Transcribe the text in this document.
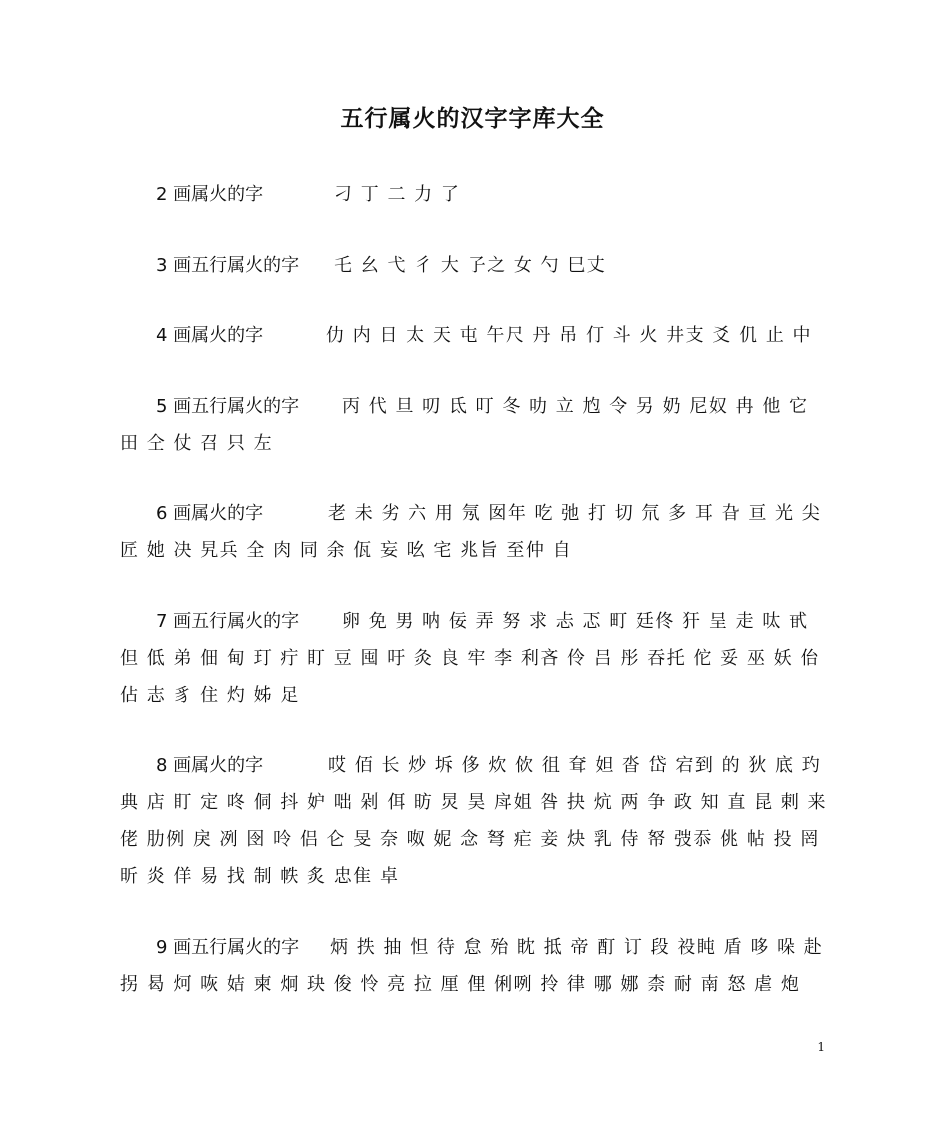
五行属火的汉字字库大全
2 画属火的字	刁 丁 二 力 了
3 画五行属火的字 乇 幺 弋 彳 大 孒之 女 勺 巳丈
4 画属火的字	仂 内 日 太 天 屯 午尺 丹 吊 仃 斗 火 井支 爻 仉 止 中
5 画五行属火的字 丙 代 旦 叨 氐 叮 冬 叻 立 尥 令 另 奶 尼奴 冉 他 它 田 仝 仗 召 只 左
6 画属火的字	老 未 劣 六 用 氖 囡年 吃 弛 打 切 氘 多 耳 旮 亘 光 尖 匠 她 决 旯兵 全 肉 同 余 佤 妄 吆 宅 兆旨 至仲 自
7 画五行属火的字 卵 免 男 呐 佞 弄 努 求 忐 忑 町 廷佟 犴 呈 走 呔 甙 但 低 弟 佃 甸 玎 疔 盯 豆 囤 吁 灸 良 牢 李 利吝 伶 吕 彤 吞托 佗 妥 巫 妖 佁 佔 志 豸 住 灼 姊 足
8 画属火的字	哎 佰 长 炒 坼 侈 炊 佽 徂 耷 妲 沓 岱 宕到 的 狄 底 玓 典 店 盯 定 咚 侗 抖 妒 咄 剁 佴 昉 炅 昊 戽姐 咎 抉 炕 两 争 政 知 直 昆 剌 来 佬 肋例 戾 冽 囹 呤 侣 仑 旻 奈 呶 妮 念 弩 疟 妾 炔 乳 侍 帑 弢忝 佻 帖 投 罔 昕 炎 佯 易 找 制 帙 炙 忠隹 卓
9 画五行属火的字 炳 抶 抽 怛 待 怠 殆 眈 抵 帝 酊 订 段 祋盹 盾 哆 哚 赴 拐 曷 炣 咴 姞 柬 炯 玦 俊 怜 亮 拉 厘 俚 俐咧 拎 律 哪 娜 柰 耐 南 怒 虐 炮
1
